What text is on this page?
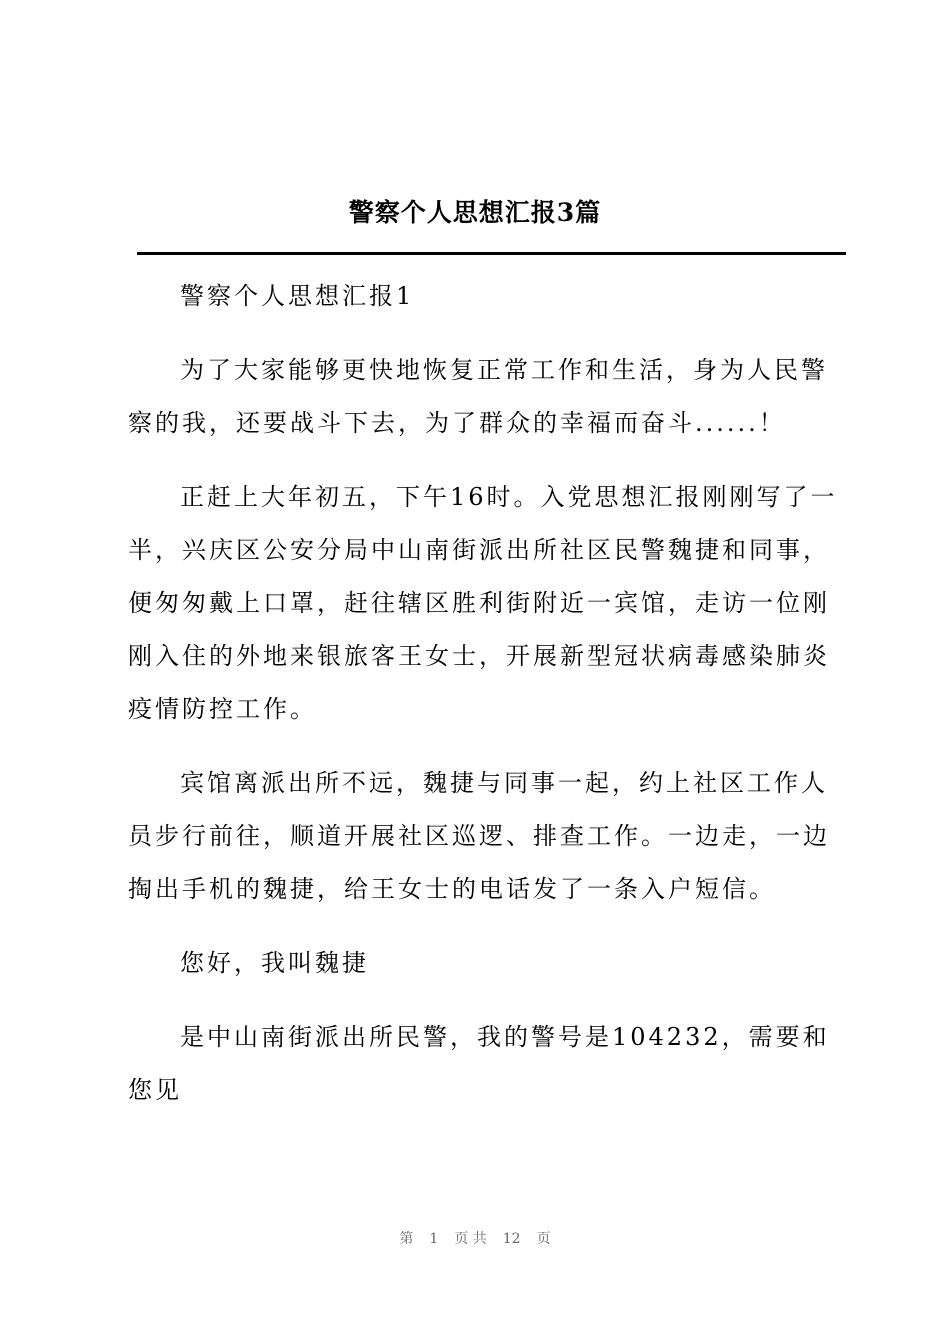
警察个人思想汇报3篇

警察个人思想汇报1

为了大家能够更快地恢复正常工作和生活，身为人民警察的我，还要战斗下去，为了群众的幸福而奋斗......！

正赶上大年初五，下午16时。入党思想汇报刚刚写了一半，兴庆区公安分局中山南街派出所社区民警魏捷和同事，便匆匆戴上口罩，赶往辖区胜利街附近一宾馆，走访一位刚刚入住的外地来银旅客王女士，开展新型冠状病毒感染肺炎疫情防控工作。

宾馆离派出所不远，魏捷与同事一起，约上社区工作人员步行前往，顺道开展社区巡逻、排查工作。一边走，一边掏出手机的魏捷，给王女士的电话发了一条入户短信。

您好，我叫魏捷

是中山南街派出所民警，我的警号是104232，需要和您见

第 1 页 共 12 页
